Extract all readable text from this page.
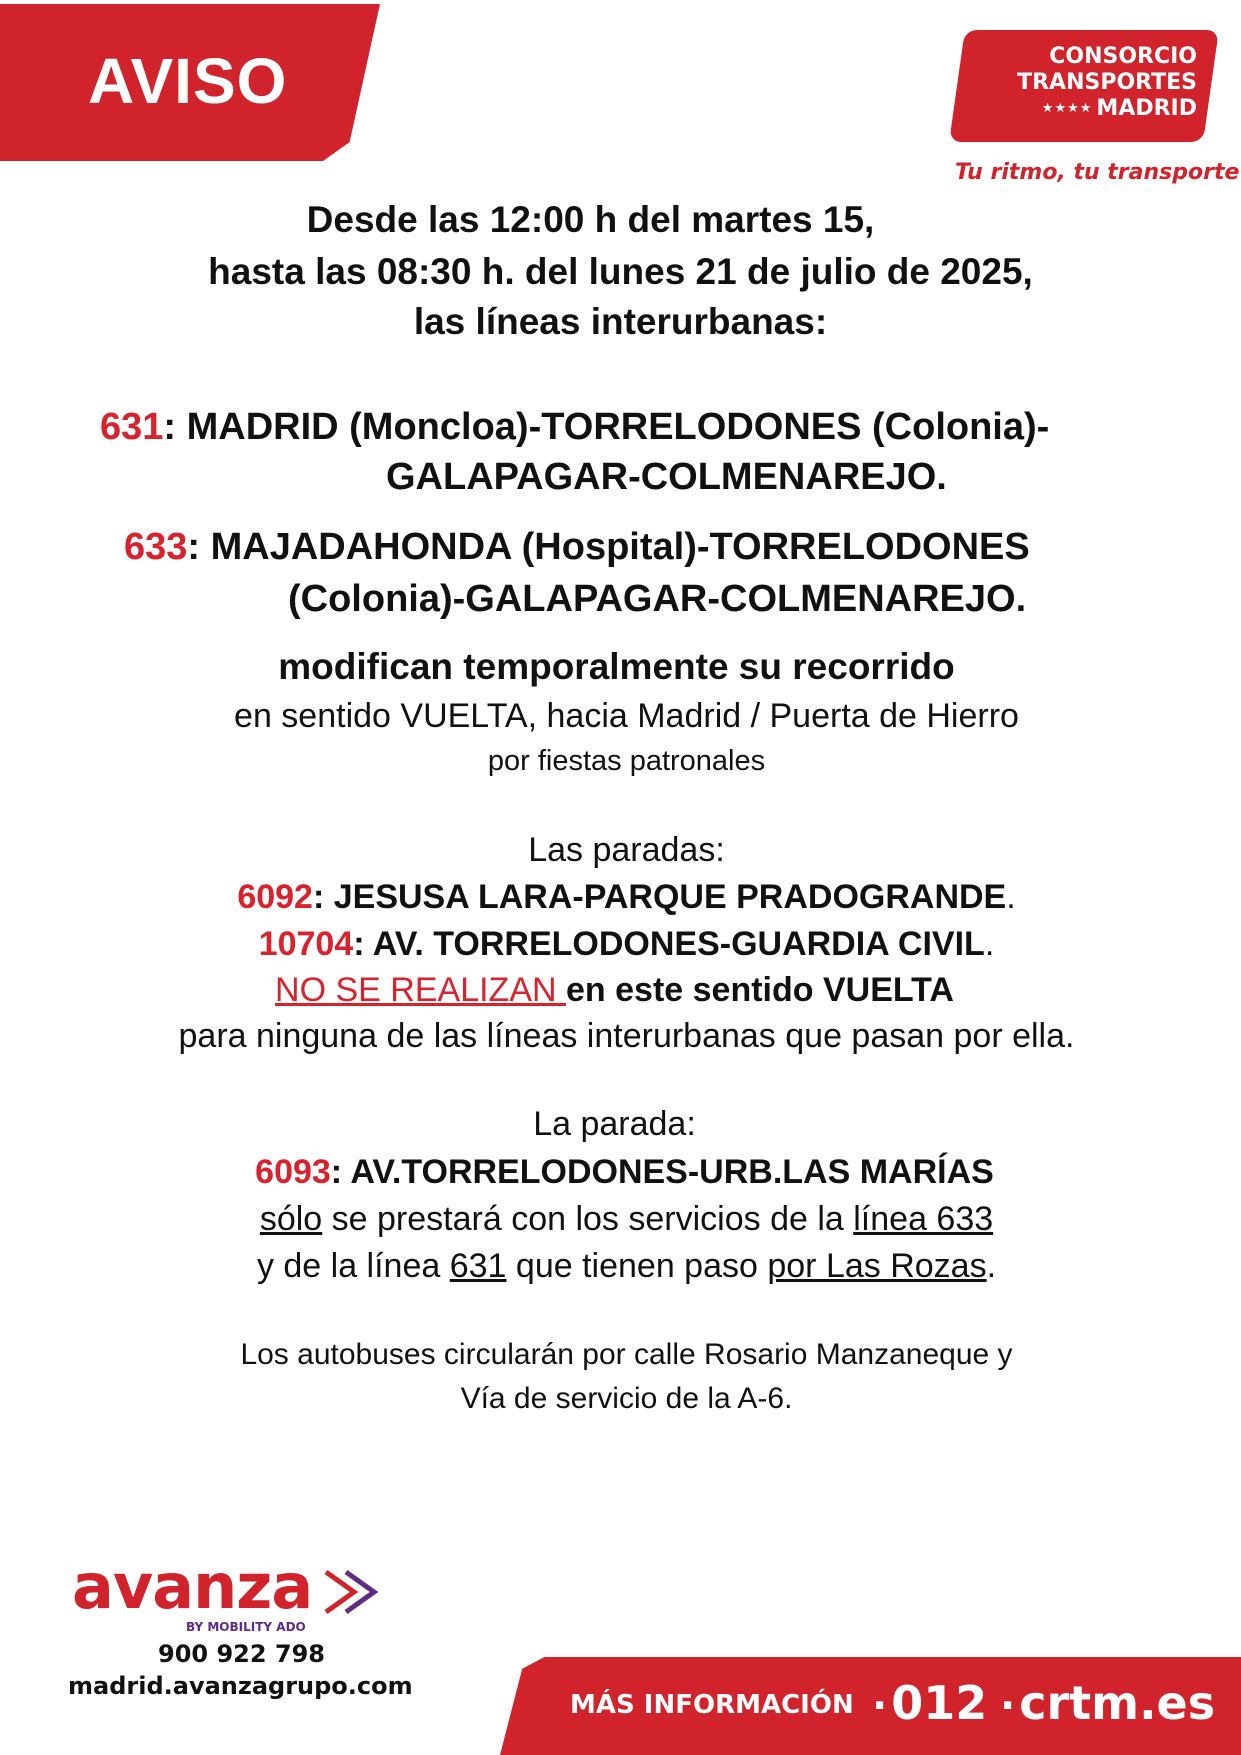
AVISO	CONSORCIO
TRANSPORTES
★★★★ MADRID
Tu ritmo, tu transporte
Desde las 12:00 h del martes 15,
hasta las 08:30 h. del lunes 21 de julio de 2025,
las líneas interurbanas:
631: MADRID (Moncloa)-TORRELODONES (Colonia)-
GALAPAGAR-COLMENAREJO.
633: MAJADAHONDA (Hospital)-TORRELODONES
(Colonia)-GALAPAGAR-COLMENAREJO.
modifican temporalmente su recorrido
en sentido VUELTA, hacia Madrid / Puerta de Hierro
por fiestas patronales
Las paradas:
6092: JESUSA LARA-PARQUE PRADOGRANDE.
10704: AV. TORRELODONES-GUARDIA CIVIL.
NO SE REALIZAN en este sentido VUELTA
para ninguna de las líneas interurbanas que pasan por ella.
La parada:
6093: AV.TORRELODONES-URB.LAS MARÍAS
sólo se prestará con los servicios de la línea 633
y de la línea 631 que tienen paso por Las Rozas.
Los autobuses circularán por calle Rosario Manzaneque y
Vía de servicio de la A-6.
avanza
BY MOBILITY ADO
900 922 798
madrid.avanzagrupo.com
MÁS INFORMACIÓN ·012 ·crtm.es
